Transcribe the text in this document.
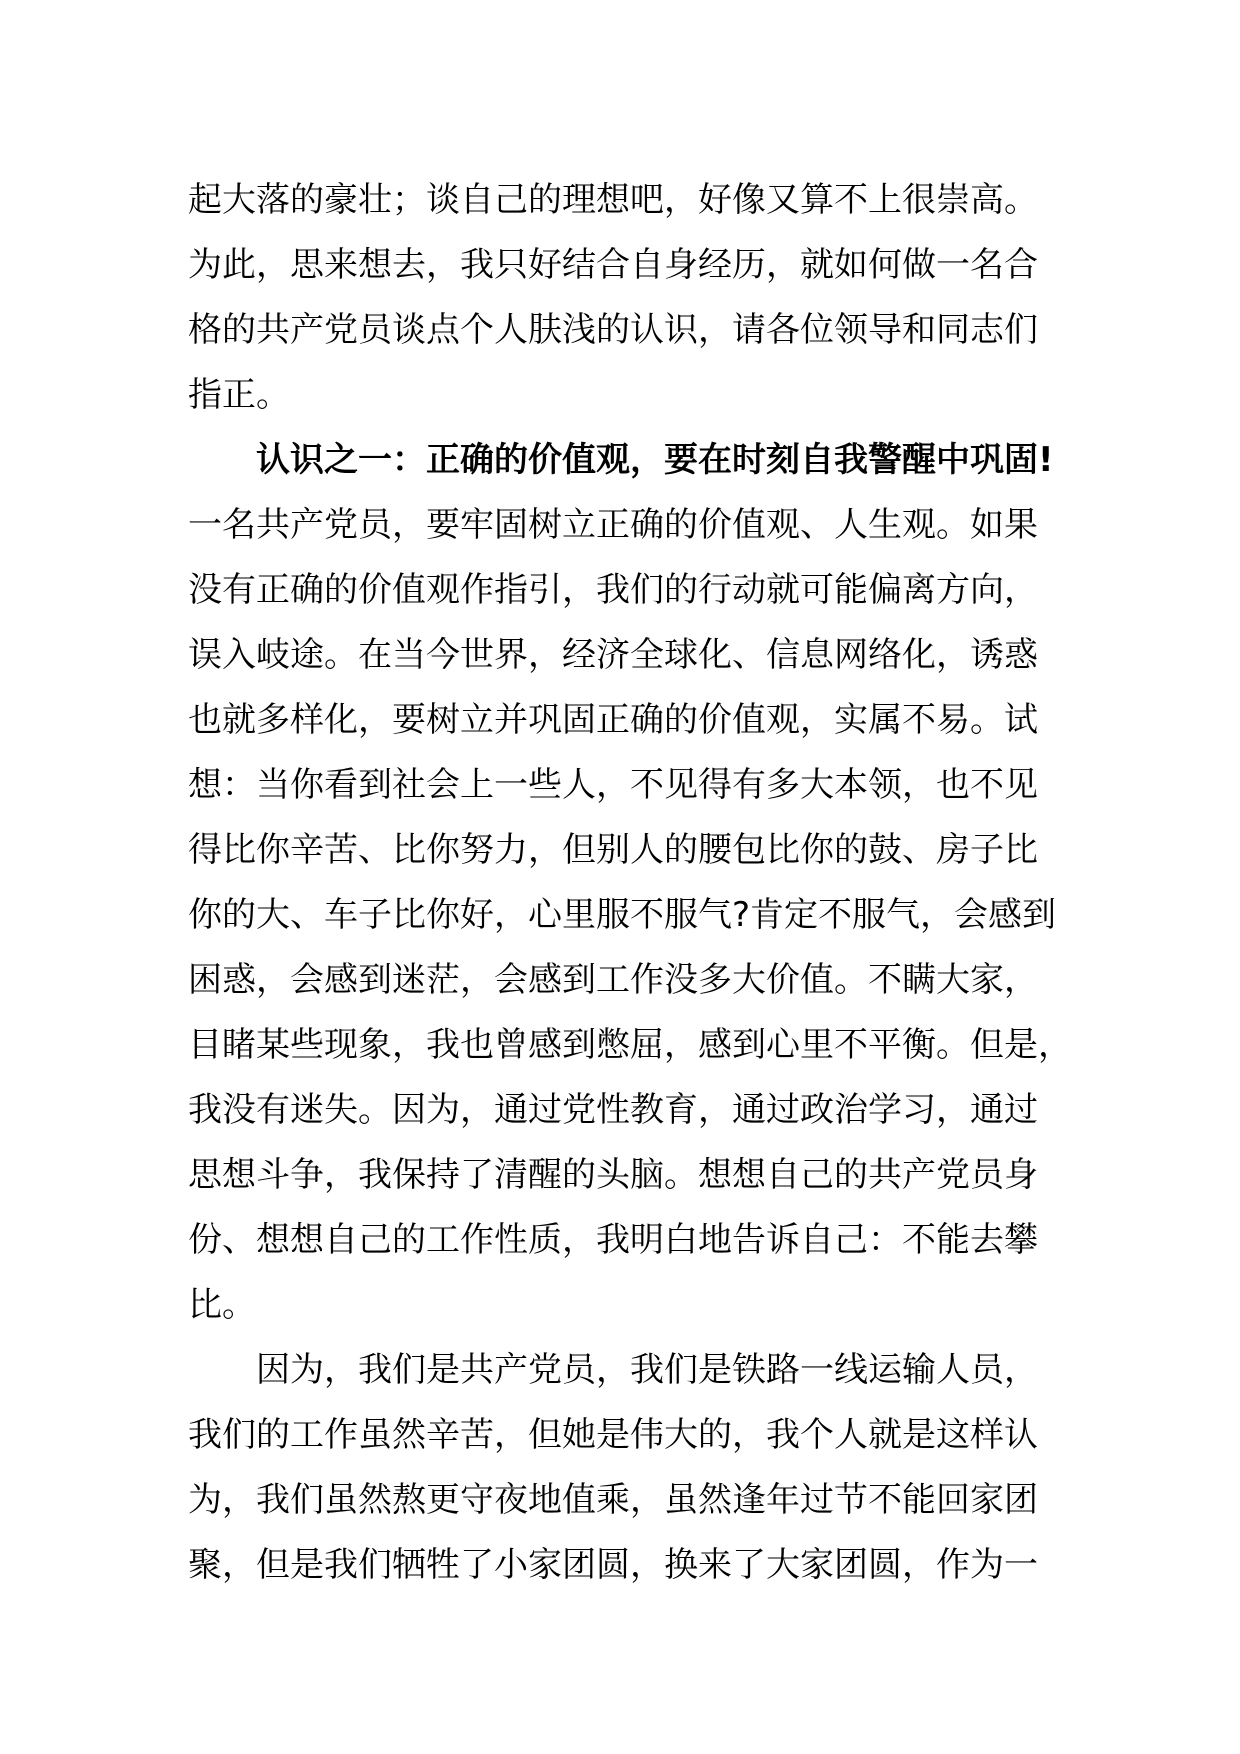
起大落的豪壮；谈自己的理想吧，好像又算不上很崇高。
为此，思来想去，我只好结合自身经历，就如何做一名合
格的共产党员谈点个人肤浅的认识，请各位领导和同志们
指正。
认识之一：正确的价值观，要在时刻自我警醒中巩固!
一名共产党员，要牢固树立正确的价值观、人生观。如果
没有正确的价值观作指引，我们的行动就可能偏离方向，
误入岐途。在当今世界，经济全球化、信息网络化，诱惑
也就多样化，要树立并巩固正确的价值观，实属不易。试
想：当你看到社会上一些人，不见得有多大本领，也不见
得比你辛苦、比你努力，但别人的腰包比你的鼓、房子比
你的大、车子比你好，心里服不服气?肯定不服气，会感到
困惑，会感到迷茫，会感到工作没多大价值。不瞒大家，
目睹某些现象，我也曾感到憋屈，感到心里不平衡。但是，
我没有迷失。因为，通过党性教育，通过政治学习，通过
思想斗争，我保持了清醒的头脑。想想自己的共产党员身
份、想想自己的工作性质，我明白地告诉自己：不能去攀
比。
因为，我们是共产党员，我们是铁路一线运输人员，
我们的工作虽然辛苦，但她是伟大的，我个人就是这样认
为，我们虽然熬更守夜地值乘，虽然逢年过节不能回家团
聚，但是我们牺牲了小家团圆，换来了大家团圆，作为一
